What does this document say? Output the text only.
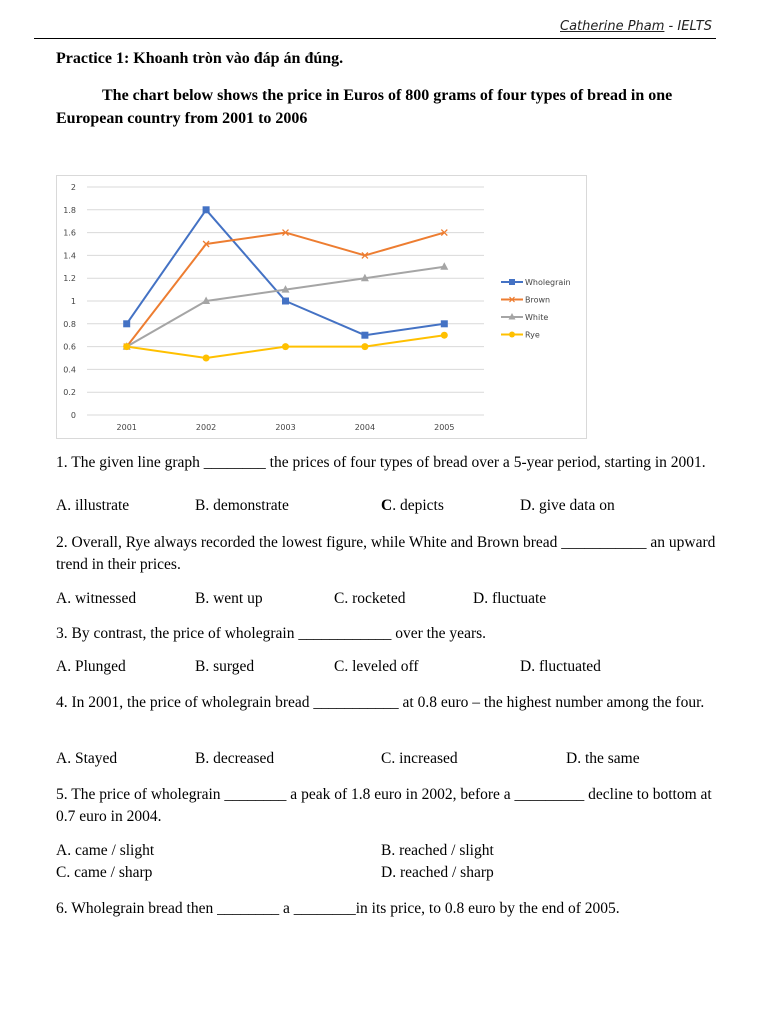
Catherine Pham - IELTS
Practice 1: Khoanh tròn vào đáp án đúng.
The chart below shows the price in Euros of 800 grams of four types of bread in one European country from 2001 to 2006
0
0.2
0.4
0.6
0.8
1
1.2
1.4
1.6
1.8
2
2001	2002	2003	2004	2005
Wholegrain
Brown
White
Rye
1. The given line graph ________ the prices of four types of bread over a 5-year period, starting in 2001.
A. illustrate	B. demonstrate	C. depicts	D. give data on
2. Overall, Rye always recorded the lowest figure, while White and Brown bread ___________ an upward trend in their prices.
A. witnessed	B. went up	C. rocketed	D. fluctuate
3. By contrast, the price of wholegrain ____________ over the years.
A. Plunged	B. surged	C. leveled off	D. fluctuated
4. In 2001, the price of wholegrain bread ___________ at 0.8 euro – the highest number among the four.
A. Stayed	B. decreased	C. increased	D. the same
5. The price of wholegrain ________ a peak of 1.8 euro in 2002, before a _________ decline to bottom at 0.7 euro in 2004.
A. came / slight	B. reached / slight
C. came / sharp	D. reached / sharp
6. Wholegrain bread then ________ a ________in its price, to 0.8 euro by the end of 2005.
